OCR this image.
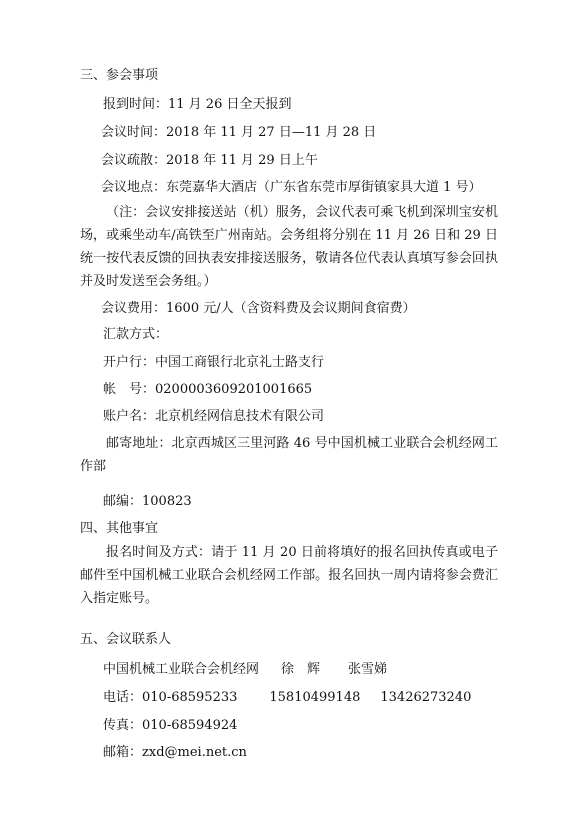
三、参会事项
报到时间：11 月 26 日全天报到
会议时间：2018 年 11 月 27 日—11 月 28 日
会议疏散：2018 年 11 月 29 日上午
会议地点：东莞嘉华大酒店（广东省东莞市厚街镇家具大道 1 号）
（注：会议安排接送站（机）服务，会议代表可乘飞机到深圳宝安机场，或乘坐动车/高铁至广州南站。会务组将分别在 11 月 26 日和 29 日统一按代表反馈的回执表安排接送服务，敬请各位代表认真填写参会回执并及时发送至会务组。）
会议费用：1600 元/人（含资料费及会议期间食宿费）
汇款方式：
开户行：中国工商银行北京礼士路支行
帐　号：0200003609201001665
账户名：北京机经网信息技术有限公司
邮寄地址：北京西城区三里河路 46 号中国机械工业联合会机经网工作部
邮编：100823
四、其他事宜
报名时间及方式：请于 11 月 20 日前将填好的报名回执传真或电子邮件至中国机械工业联合会机经网工作部。报名回执一周内请将参会费汇入指定账号。
五、会议联系人
中国机械工业联合会机经网 徐　辉 张雪娣
电话：010-68595233 15810499148 13426273240
传真：010-68594924
邮箱：zxd@mei.net.cn
